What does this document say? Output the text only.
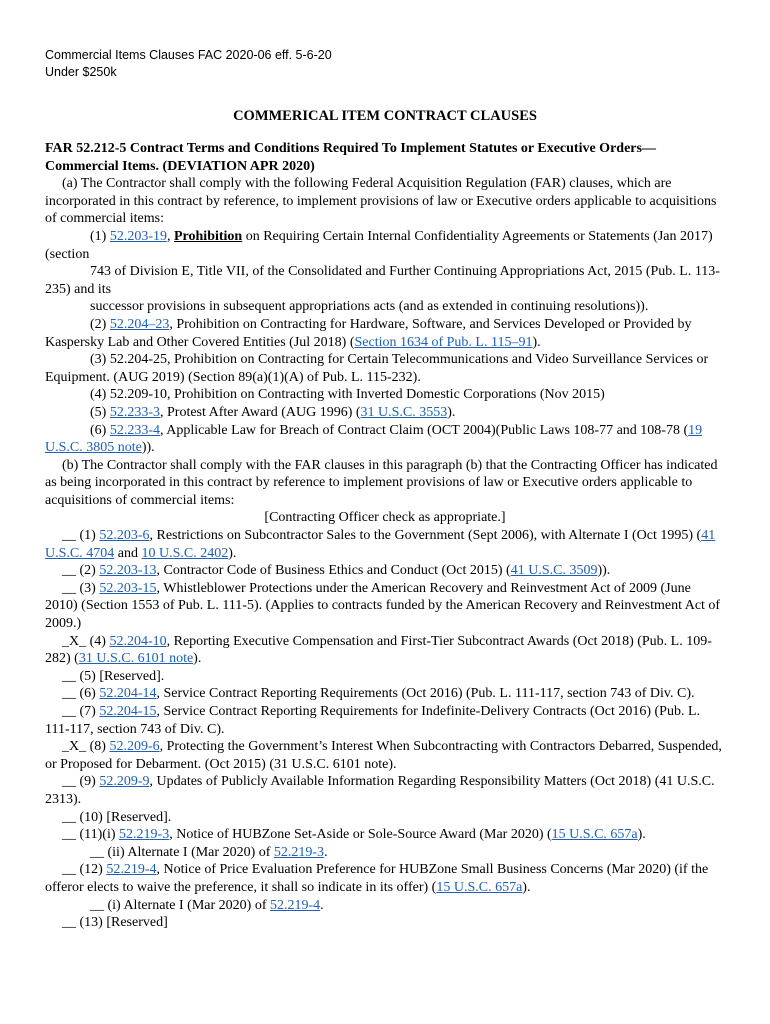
Commercial Items Clauses FAC 2020-06 eff. 5-6-20
Under $250k
COMMERICAL ITEM CONTRACT CLAUSES

FAR 52.212-5 Contract Terms and Conditions Required To Implement Statutes or Executive Orders—Commercial Items. (DEVIATION APR 2020)

(a) The Contractor shall comply with the following Federal Acquisition Regulation (FAR) clauses, which are incorporated in this contract by reference, to implement provisions of law or Executive orders applicable to acquisitions of commercial items:

(1) 52.203-19, Prohibition on Requiring Certain Internal Confidentiality Agreements or Statements (Jan 2017) (section

743 of Division E, Title VII, of the Consolidated and Further Continuing Appropriations Act, 2015 (Pub. L. 113-235) and its

successor provisions in subsequent appropriations acts (and as extended in continuing resolutions)).

(2) 52.204–23, Prohibition on Contracting for Hardware, Software, and Services Developed or Provided by Kaspersky Lab and Other Covered Entities (Jul 2018) (Section 1634 of Pub. L. 115–91).

(3) 52.204-25, Prohibition on Contracting for Certain Telecommunications and Video Surveillance Services or Equipment. (AUG 2019) (Section 89(a)(1)(A) of Pub. L. 115-232).

(4) 52.209-10, Prohibition on Contracting with Inverted Domestic Corporations (Nov 2015)

(5) 52.233-3, Protest After Award (AUG 1996) (31 U.S.C. 3553).

(6) 52.233-4, Applicable Law for Breach of Contract Claim (OCT 2004)(Public Laws 108-77 and 108-78 (19 U.S.C. 3805 note)).

(b) The Contractor shall comply with the FAR clauses in this paragraph (b) that the Contracting Officer has indicated as being incorporated in this contract by reference to implement provisions of law or Executive orders applicable to acquisitions of commercial items:

[Contracting Officer check as appropriate.]

__ (1) 52.203-6, Restrictions on Subcontractor Sales to the Government (Sept 2006), with Alternate I (Oct 1995) (41 U.S.C. 4704 and 10 U.S.C. 2402).

__ (2) 52.203-13, Contractor Code of Business Ethics and Conduct (Oct 2015) (41 U.S.C. 3509)).

__ (3) 52.203-15, Whistleblower Protections under the American Recovery and Reinvestment Act of 2009 (June 2010) (Section 1553 of Pub. L. 111-5). (Applies to contracts funded by the American Recovery and Reinvestment Act of 2009.)

_X_ (4) 52.204-10, Reporting Executive Compensation and First-Tier Subcontract Awards (Oct 2018) (Pub. L. 109-282) (31 U.S.C. 6101 note).

__ (5) [Reserved].

__ (6) 52.204-14, Service Contract Reporting Requirements (Oct 2016) (Pub. L. 111-117, section 743 of Div. C).

__ (7) 52.204-15, Service Contract Reporting Requirements for Indefinite-Delivery Contracts (Oct 2016) (Pub. L. 111-117, section 743 of Div. C).

_X_ (8) 52.209-6, Protecting the Government’s Interest When Subcontracting with Contractors Debarred, Suspended, or Proposed for Debarment. (Oct 2015) (31 U.S.C. 6101 note).

__ (9) 52.209-9, Updates of Publicly Available Information Regarding Responsibility Matters (Oct 2018) (41 U.S.C. 2313).

__ (10) [Reserved].

__ (11)(i) 52.219-3, Notice of HUBZone Set-Aside or Sole-Source Award (Mar 2020) (15 U.S.C. 657a).

__ (ii) Alternate I (Mar 2020) of 52.219-3.

__ (12) 52.219-4, Notice of Price Evaluation Preference for HUBZone Small Business Concerns (Mar 2020) (if the offeror elects to waive the preference, it shall so indicate in its offer) (15 U.S.C. 657a).

__ (i) Alternate I (Mar 2020) of 52.219-4.

__ (13) [Reserved]
